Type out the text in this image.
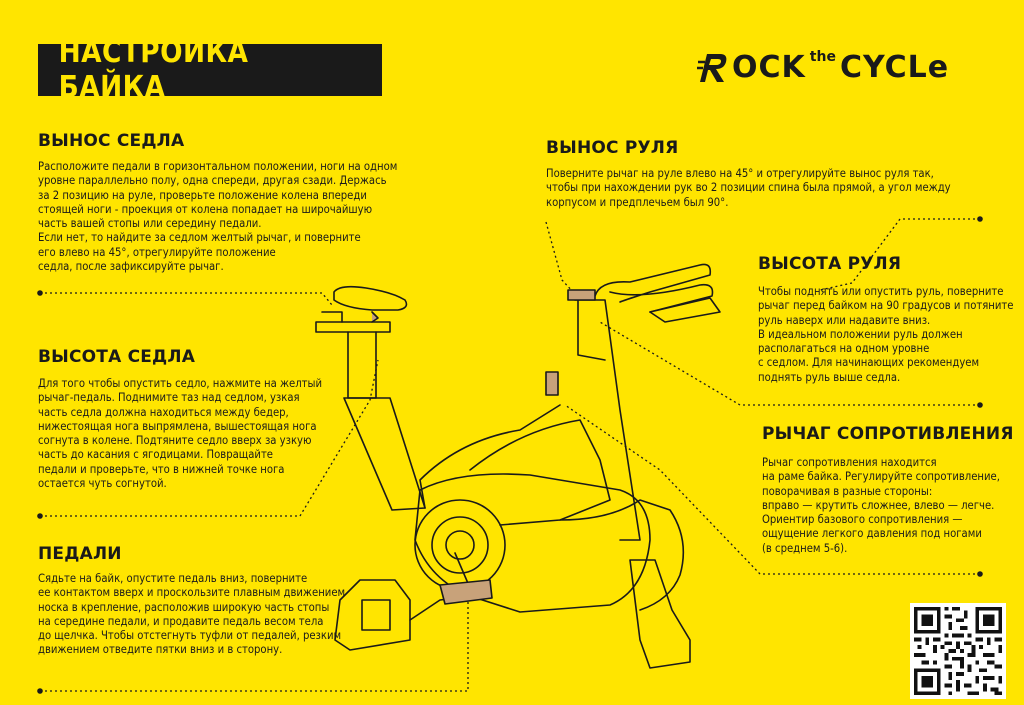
НАСТРОЙКА БАЙКА
OCK the CYCLe
ВЫНОС СЕДЛА
Расположите педали в горизонтальном положении, ноги на одном
уровне параллельно полу, одна спереди, другая сзади. Держась
за 2 позицию на руле, проверьте положение колена впереди
стоящей ноги - проекция от колена попадает на широчайшую
часть вашей стопы или середину педали.
Если нет, то найдите за седлом желтый рычаг, и поверните
его влево на 45°, отрегулируйте положение
седла, после зафиксируйте рычаг.
ВЫСОТА СЕДЛА
Для того чтобы опустить седло, нажмите на желтый
рычаг-педаль. Поднимите таз над седлом, узкая
часть седла должна находиться между бедер,
нижестоящая нога выпрямлена, вышестоящая нога
согнута в колене. Подтяните седло вверх за узкую
часть до касания с ягодицами. Повращайте
педали и проверьте, что в нижней точке нога
остается чуть согнутой.
ПЕДАЛИ
Сядьте на байк, опустите педаль вниз, поверните
ее контактом вверх и проскользите плавным движением
носка в крепление, расположив широкую часть стопы
на середине педали, и продавите педаль весом тела
до щелчка. Чтобы отстегнуть туфли от педалей, резким
движением отведите пятки вниз и в сторону.
ВЫНОС РУЛЯ
Поверните рычаг на руле влево на 45° и отрегулируйте вынос руля так,
чтобы при нахождении рук во 2 позиции спина была прямой, а угол между
корпусом и предплечьем был 90°.
ВЫСОТА РУЛЯ
Чтобы поднять или опустить руль, поверните
рычаг перед байком на 90 градусов и потяните
руль наверх или надавите вниз.
В идеальном положении руль должен
располагаться на одном уровне
с седлом. Для начинающих рекомендуем
поднять руль выше седла.
РЫЧАГ СОПРОТИВЛЕНИЯ
Рычаг сопротивления находится
на раме байка. Регулируйте сопротивление,
поворачивая в разные стороны:
вправо — крутить сложнее, влево — легче.
Ориентир базового сопротивления —
ощущение легкого давления под ногами
(в среднем 5-6).
